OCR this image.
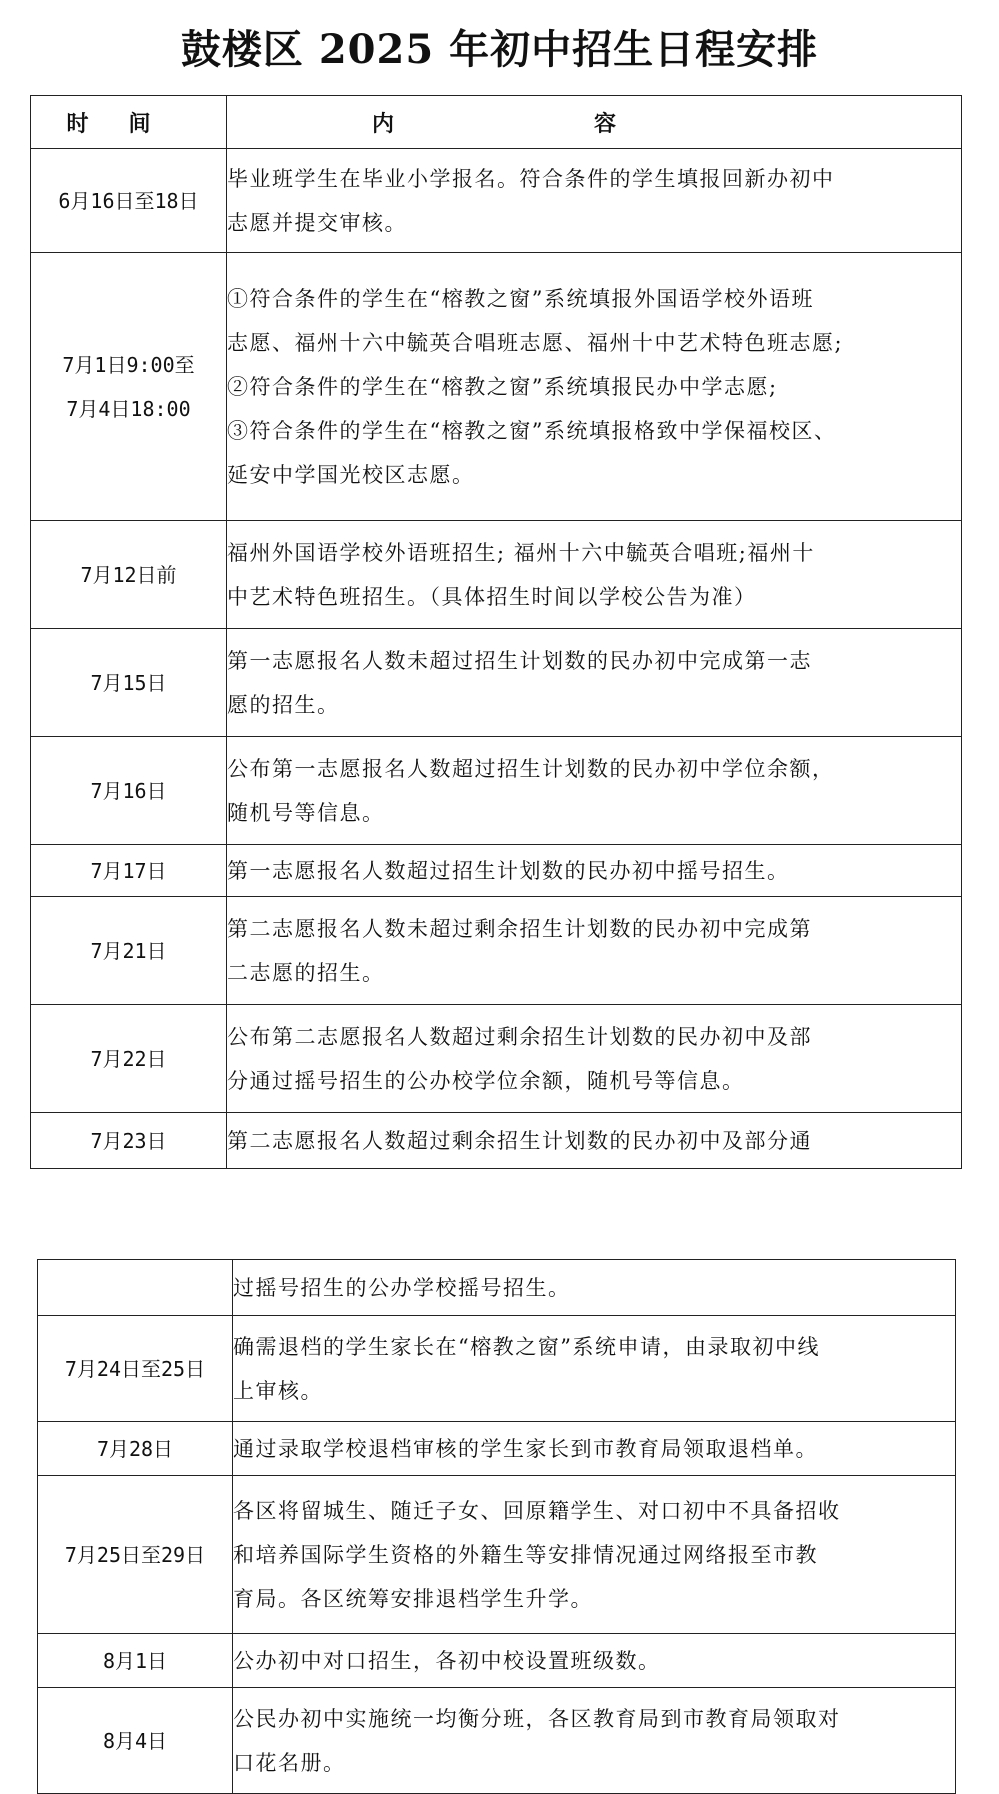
鼓楼区 2025 年初中招生日程安排
时间	内容
6月16日至18日	毕业班学生在毕业小学报名。符合条件的学生填报回新办初中
志愿并提交审核。

7月1日9:00至
7月4日18:00	①符合条件的学生在“榕教之窗”系统填报外国语学校外语班
志愿、福州十六中毓英合唱班志愿、福州十中艺术特色班志愿;
②符合条件的学生在“榕教之窗”系统填报民办中学志愿;
③符合条件的学生在“榕教之窗”系统填报格致中学保福校区、
延安中学国光校区志愿。

7月12日前	福州外国语学校外语班招生; 福州十六中毓英合唱班;福州十
中艺术特色班招生。（具体招生时间以学校公告为准）

7月15日	第一志愿报名人数未超过招生计划数的民办初中完成第一志
愿的招生。

7月16日	公布第一志愿报名人数超过招生计划数的民办初中学位余额，
随机号等信息。

7月17日	第一志愿报名人数超过招生计划数的民办初中摇号招生。

7月21日	第二志愿报名人数未超过剩余招生计划数的民办初中完成第
二志愿的招生。

7月22日	公布第二志愿报名人数超过剩余招生计划数的民办初中及部
分通过摇号招生的公办校学位余额，随机号等信息。

7月23日	第二志愿报名人数超过剩余招生计划数的民办初中及部分通

	过摇号招生的公办学校摇号招生。

7月24日至25日	确需退档的学生家长在“榕教之窗”系统申请，由录取初中线
上审核。

7月28日	通过录取学校退档审核的学生家长到市教育局领取退档单。

7月25日至29日	各区将留城生、随迁子女、回原籍学生、对口初中不具备招收
和培养国际学生资格的外籍生等安排情况通过网络报至市教
育局。各区统筹安排退档学生升学。

8月1日	公办初中对口招生，各初中校设置班级数。

8月4日	公民办初中实施统一均衡分班，各区教育局到市教育局领取对
口花名册。
